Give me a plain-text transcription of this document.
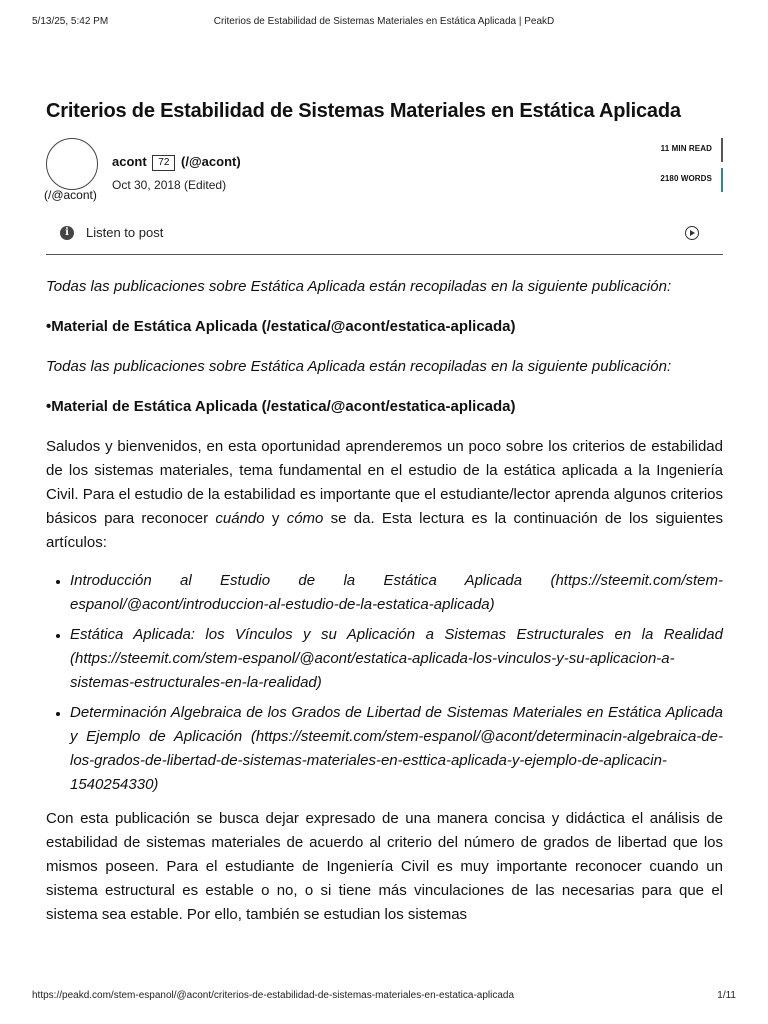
5/13/25, 5:42 PM	Criterios de Estabilidad de Sistemas Materiales en Estática Aplicada | PeakD
Criterios de Estabilidad de Sistemas Materiales en Estática Aplicada
(/@acont)
acont 72 (/@acont)
Oct 30, 2018 (Edited)
11 MIN READ
2180 WORDS
i	Listen to post

Todas las publicaciones sobre Estática Aplicada están recopiladas en la siguiente publicación:

•Material de Estática Aplicada (/estatica/@acont/estatica-aplicada)

Todas las publicaciones sobre Estática Aplicada están recopiladas en la siguiente publicación:

•Material de Estática Aplicada (/estatica/@acont/estatica-aplicada)

Saludos y bienvenidos, en esta oportunidad aprenderemos un poco sobre los criterios de estabilidad de los sistemas materiales, tema fundamental en el estudio de la estática aplicada a la Ingeniería Civil. Para el estudio de la estabilidad es importante que el estudiante/lector aprenda algunos criterios básicos para reconocer cuándo y cómo se da. Esta lectura es la continuación de los siguientes artículos:

• Introducción al Estudio de la Estática Aplicada (https://steemit.com/stem-espanol/@acont/introduccion-al-estudio-de-la-estatica-aplicada)
• Estática Aplicada: los Vínculos y su Aplicación a Sistemas Estructurales en la Realidad (https://steemit.com/stem-espanol/@acont/estatica-aplicada-los-vinculos-y-su-aplicacion-a-sistemas-estructurales-en-la-realidad)
• Determinación Algebraica de los Grados de Libertad de Sistemas Materiales en Estática Aplicada y Ejemplo de Aplicación (https://steemit.com/stem-espanol/@acont/determinacin-algebraica-de-los-grados-de-libertad-de-sistemas-materiales-en-esttica-aplicada-y-ejemplo-de-aplicacin-1540254330)

Con esta publicación se busca dejar expresado de una manera concisa y didáctica el análisis de estabilidad de sistemas materiales de acuerdo al criterio del número de grados de libertad que los mismos poseen. Para el estudiante de Ingeniería Civil es muy importante reconocer cuando un sistema estructural es estable o no, o si tiene más vinculaciones de las necesarias para que el sistema sea estable. Por ello, también se estudian los sistemas

https://peakd.com/stem-espanol/@acont/criterios-de-estabilidad-de-sistemas-materiales-en-estatica-aplicada	1/11
